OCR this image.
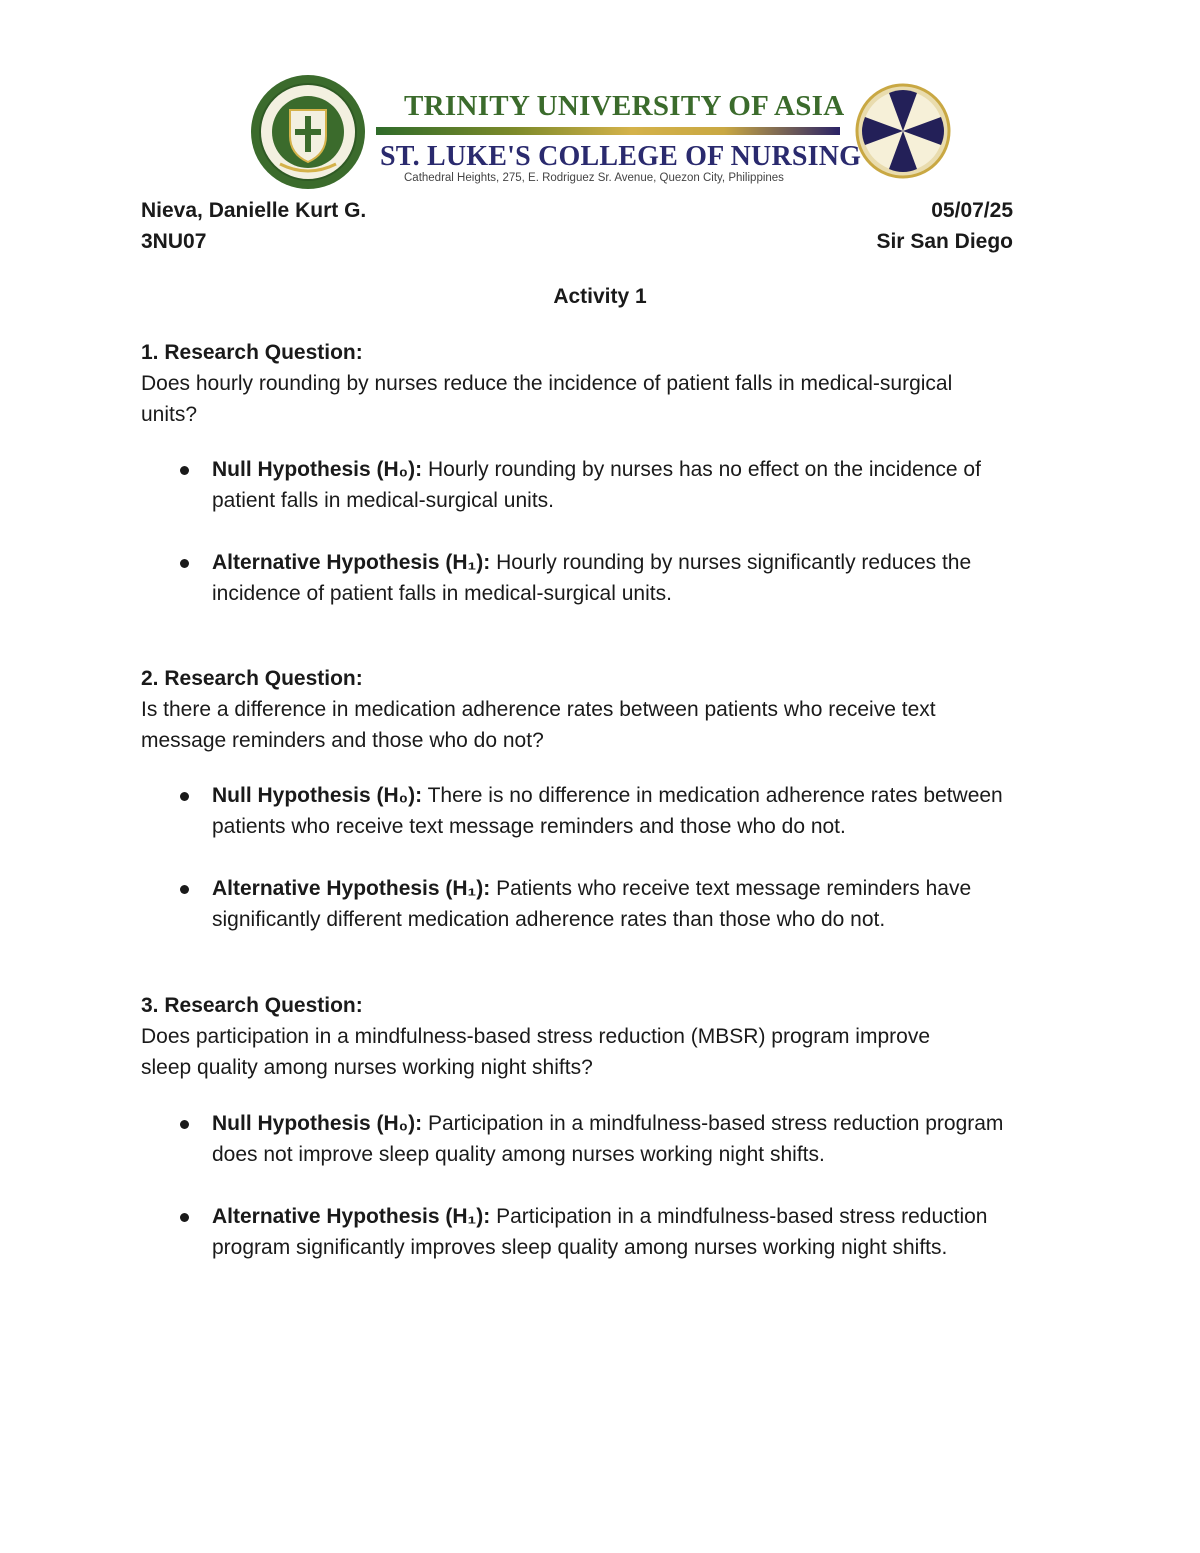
TRINITY UNIVERSITY OF ASIA
ST. LUKE'S COLLEGE OF NURSING
Cathedral Heights, 275, E. Rodriguez Sr. Avenue, Quezon City, Philippines
Nieva, Danielle Kurt G.	05/07/25
3NU07	Sir San Diego
Activity 1
1. Research Question:
Does hourly rounding by nurses reduce the incidence of patient falls in medical-surgical
units?
Null Hypothesis (H₀): Hourly rounding by nurses has no effect on the incidence of patient falls in medical-surgical units.
Alternative Hypothesis (H₁): Hourly rounding by nurses significantly reduces the incidence of patient falls in medical-surgical units.
2. Research Question:
Is there a difference in medication adherence rates between patients who receive text
message reminders and those who do not?
Null Hypothesis (H₀): There is no difference in medication adherence rates between patients who receive text message reminders and those who do not.
Alternative Hypothesis (H₁): Patients who receive text message reminders have significantly different medication adherence rates than those who do not.
3. Research Question:
Does participation in a mindfulness-based stress reduction (MBSR) program improve
sleep quality among nurses working night shifts?
Null Hypothesis (H₀): Participation in a mindfulness-based stress reduction program does not improve sleep quality among nurses working night shifts.
Alternative Hypothesis (H₁): Participation in a mindfulness-based stress reduction program significantly improves sleep quality among nurses working night shifts.
